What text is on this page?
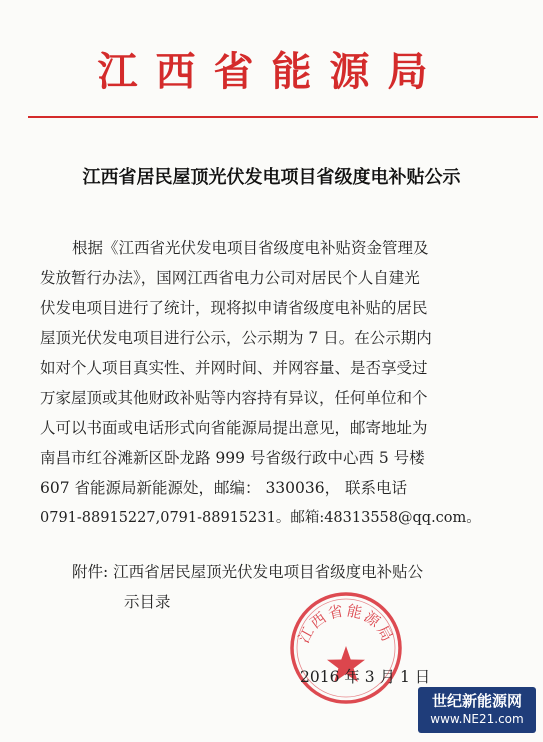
江西省能源局
江西省居民屋顶光伏发电项目省级度电补贴公示
根据《江西省光伏发电项目省级度电补贴资金管理及
发放暂行办法》，国网江西省电力公司对居民个人自建光
伏发电项目进行了统计，现将拟申请省级度电补贴的居民
屋顶光伏发电项目进行公示，公示期为 7 日。在公示期内
如对个人项目真实性、并网时间、并网容量、是否享受过
万家屋顶或其他财政补贴等内容持有异议，任何单位和个
人可以书面或电话形式向省能源局提出意见，邮寄地址为
南昌市红谷滩新区卧龙路 999 号省级行政中心西 5 号楼
607 省能源局新能源处，邮编： 330036， 联系电话
0791-88915227,0791-88915231。邮箱:48313558@qq.com。
附件: 江西省居民屋顶光伏发电项目省级度电补贴公
示目录
江西省能源局
2016 年 3 月 1 日
世纪新能源网
www.NE21.com
